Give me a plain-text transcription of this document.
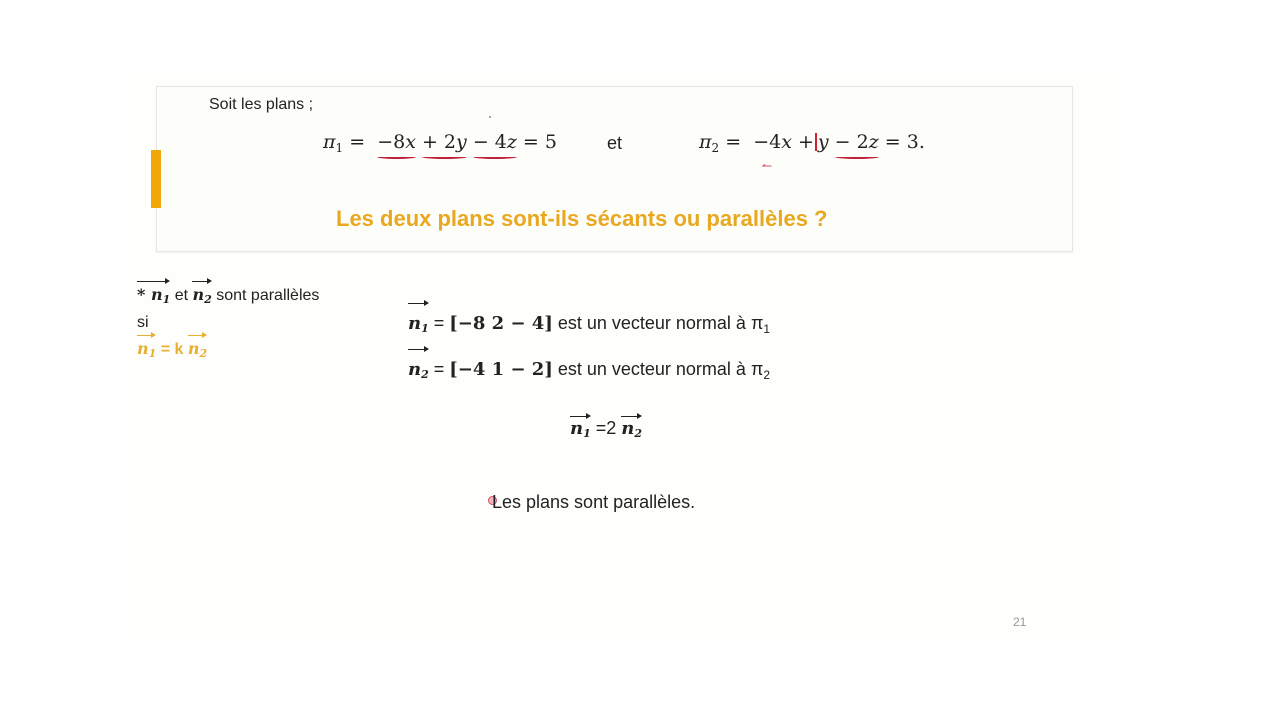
Soit les plans ;
$\pi_1 = -8x + 2y - 4z = 5$	et	$\pi_2 = -4x + y - 2z = 3$.
Les deux plans sont-ils sécants ou parallèles ?
* n1 et n2 sont parallèles
si
n1 = k n2
n1 = [−8 2 − 4] est un vecteur normal à $\pi_1$
n2 = [−4 1 − 2] est un vecteur normal à $\pi_2$
n1 =2 n2
Les plans sont parallèles.
21
